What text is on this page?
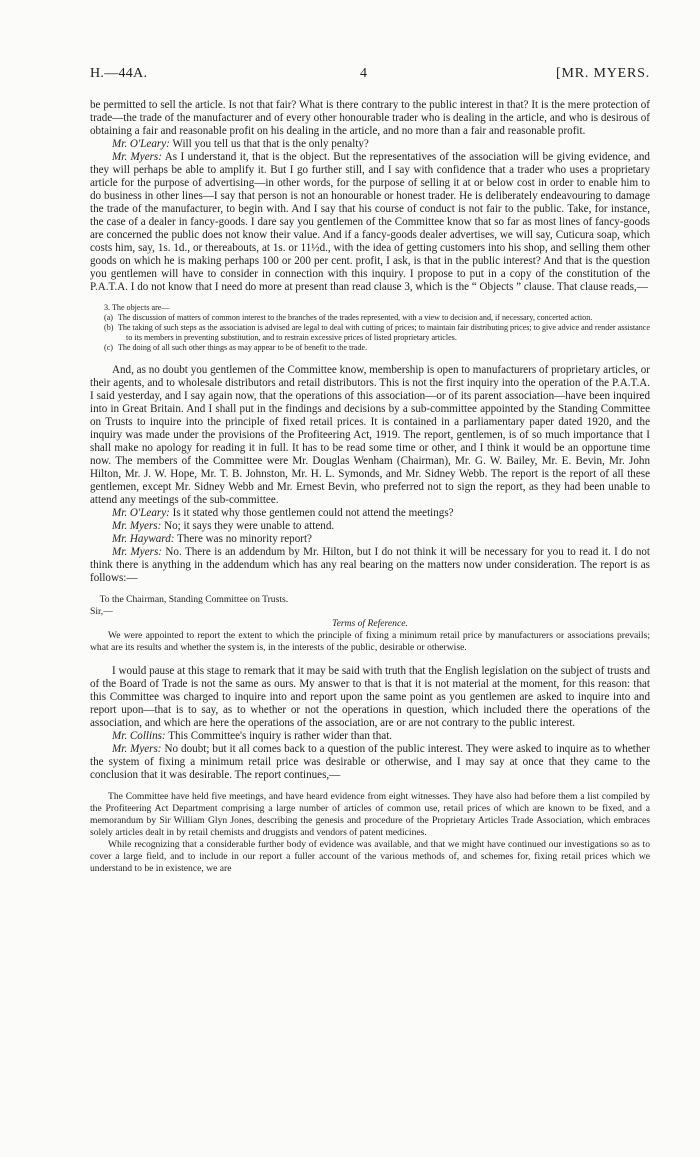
H.—44A.	4	[MR. MYERS.

be permitted to sell the article. Is not that fair? What is there contrary to the public interest in that? It is the mere protection of trade—the trade of the manufacturer and of every other honourable trader who is dealing in the article, and who is desirous of obtaining a fair and reasonable profit on his dealing in the article, and no more than a fair and reasonable profit.

Mr. O'Leary: Will you tell us that that is the only penalty?

Mr. Myers: As I understand it, that is the object. But the representatives of the association will be giving evidence, and they will perhaps be able to amplify it. But I go further still, and I say with confidence that a trader who uses a proprietary article for the purpose of advertising—in other words, for the purpose of selling it at or below cost in order to enable him to do business in other lines—I say that person is not an honourable or honest trader. He is deliberately endeavouring to damage the trade of the manufacturer, to begin with. And I say that his course of conduct is not fair to the public. Take, for instance, the case of a dealer in fancy-goods. I dare say you gentlemen of the Committee know that so far as most lines of fancy-goods are concerned the public does not know their value. And if a fancy-goods dealer advertises, we will say, Cuticura soap, which costs him, say, 1s. 1d., or thereabouts, at 1s. or 11½d., with the idea of getting customers into his shop, and selling them other goods on which he is making perhaps 100 or 200 per cent. profit, I ask, is that in the public interest? And that is the question you gentlemen will have to consider in connection with this inquiry. I propose to put in a copy of the constitution of the P.A.T.A. I do not know that I need do more at present than read clause 3, which is the “ Objects ” clause. That clause reads,—

3. The objects are—
(a) The discussion of matters of common interest to the branches of the trades represented, with a view to decision and, if necessary, concerted action.
(b) The taking of such steps as the association is advised are legal to deal with cutting of prices; to maintain fair distributing prices; to give advice and render assistance to its members in preventing substitution, and to restrain excessive prices of listed proprietary articles.
(c) The doing of all such other things as may appear to be of benefit to the trade.

And, as no doubt you gentlemen of the Committee know, membership is open to manufacturers of proprietary articles, or their agents, and to wholesale distributors and retail distributors. This is not the first inquiry into the operation of the P.A.T.A. I said yesterday, and I say again now, that the operations of this association—or of its parent association—have been inquired into in Great Britain. And I shall put in the findings and decisions by a sub-committee appointed by the Standing Committee on Trusts to inquire into the principle of fixed retail prices. It is contained in a parliamentary paper dated 1920, and the inquiry was made under the provisions of the Profiteering Act, 1919. The report, gentlemen, is of so much importance that I shall make no apology for reading it in full. It has to be read some time or other, and I think it would be an opportune time now. The members of the Committee were Mr. Douglas Wenham (Chairman), Mr. G. W. Bailey, Mr. E. Bevin, Mr. John Hilton, Mr. J. W. Hope, Mr. T. B. Johnston, Mr. H. L. Symonds, and Mr. Sidney Webb. The report is the report of all these gentlemen, except Mr. Sidney Webb and Mr. Ernest Bevin, who preferred not to sign the report, as they had been unable to attend any meetings of the sub-committee.

Mr. O'Leary: Is it stated why those gentlemen could not attend the meetings?

Mr. Myers: No; it says they were unable to attend.

Mr. Hayward: There was no minority report?

Mr. Myers: No. There is an addendum by Mr. Hilton, but I do not think it will be necessary for you to read it. I do not think there is anything in the addendum which has any real bearing on the matters now under consideration. The report is as follows:—

To the Chairman, Standing Committee on Trusts.

Sir,—

Terms of Reference.

We were appointed to report the extent to which the principle of fixing a minimum retail price by manufacturers or associations prevails; what are its results and whether the system is, in the interests of the public, desirable or otherwise.

I would pause at this stage to remark that it may be said with truth that the English legislation on the subject of trusts and of the Board of Trade is not the same as ours. My answer to that is that it is not material at the moment, for this reason: that this Committee was charged to inquire into and report upon the same point as you gentlemen are asked to inquire into and report upon—that is to say, as to whether or not the operations in question, which included there the operations of the association, and which are here the operations of the association, are or are not contrary to the public interest.

Mr. Collins: This Committee's inquiry is rather wider than that.

Mr. Myers: No doubt; but it all comes back to a question of the public interest. They were asked to inquire as to whether the system of fixing a minimum retail price was desirable or otherwise, and I may say at once that they came to the conclusion that it was desirable. The report continues,—

The Committee have held five meetings, and have heard evidence from eight witnesses. They have also had before them a list compiled by the Profiteering Act Department comprising a large number of articles of common use, retail prices of which are known to be fixed, and a memorandum by Sir William Glyn Jones, describing the genesis and procedure of the Proprietary Articles Trade Association, which embraces solely articles dealt in by retail chemists and druggists and vendors of patent medicines.

While recognizing that a considerable further body of evidence was available, and that we might have continued our investigations so as to cover a large field, and to include in our report a fuller account of the various methods of, and schemes for, fixing retail prices which we understand to be in existence, we are
